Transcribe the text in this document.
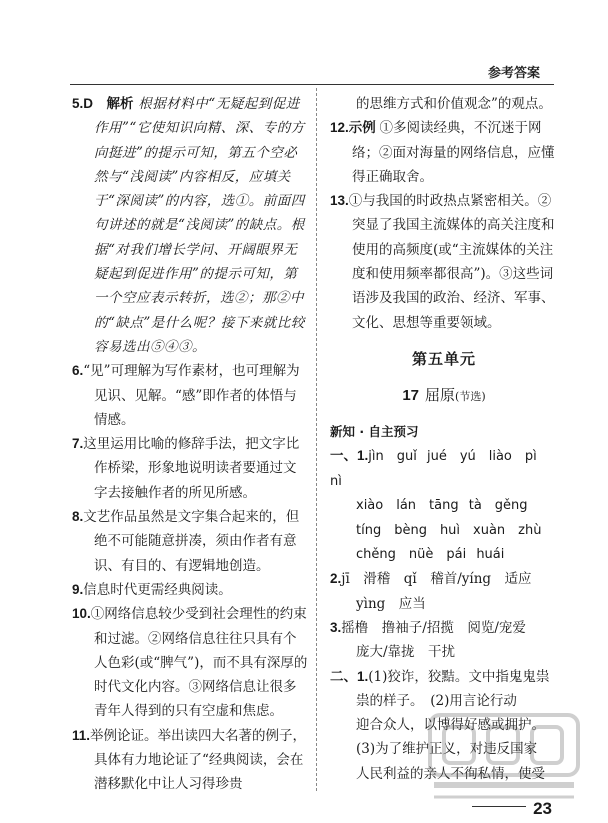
参考答案

5.D　解析 根据材料中“无疑起到促进作用”“它使知识向精、深、专的方向挺进”的提示可知，第五个空必然与“浅阅读”内容相反，应填关于“深阅读”的内容，选①。前面四句讲述的就是“浅阅读”的缺点。根据“对我们增长学问、开阔眼界无疑起到促进作用”的提示可知，第一个空应表示转折，选②；那②中的“缺点”是什么呢？接下来就比较容易选出⑤④③。

6.“见”可理解为写作素材，也可理解为见识、见解。“感”即作者的体悟与情感。

7.这里运用比喻的修辞手法，把文字比作桥梁，形象地说明读者要通过文字去接触作者的所见所感。

8.文艺作品虽然是文字集合起来的，但绝不可能随意拼凑，须由作者有意识、有目的、有逻辑地创造。

9.信息时代更需经典阅读。

10.①网络信息较少受到社会理性的约束和过滤。②网络信息往往只具有个人色彩(或“脾气”)，而不具有深厚的时代文化内容。③网络信息让很多青年人得到的只有空虚和焦虑。

11.举例论证。举出读四大名著的例子，具体有力地论证了“经典阅读，会在潜移默化中让人习得珍贵

的思维方式和价值观念”的观点。

12.示例 ①多阅读经典，不沉迷于网络；②面对海量的网络信息，应懂得正确取舍。

13.①与我国的时政热点紧密相关。②突显了我国主流媒体的高关注度和使用的高频度(或“主流媒体的关注度和使用频率都很高”)。③这些词语涉及我国的政治、经济、军事、文化、思想等重要领域。

第五单元
17 屈原(节选)
新知 · 自主预习
一、1.jìn　guǐ jué　yú　liào　pì nì
xiào　lán　tāng tà　gěng
tíng　bèng　huì　xuàn　zhù
chěng　nüè　pái huái
2.jī　滑稽　qǐ　稽首/yíng　适应
yìng　应当
3.摇橹　撸袖子/招揽　阅览/宠爱
庞大/靠拢　干扰
二、1.(1)狡诈，狡黠。文中指鬼鬼祟
祟的样子。　(2)用言论行动
迎合众人，以博得好感或拥护。
(3)为了维护正义，对违反国家
人民利益的亲人不徇私情，使受
23
